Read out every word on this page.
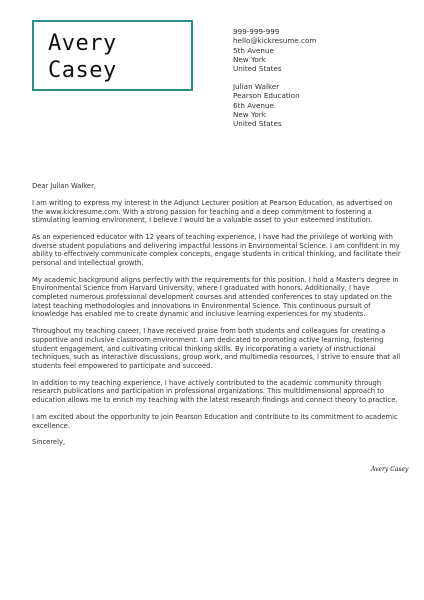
Avery
Casey
999-999-999
hello@kickresume.com
5th Avenue
New York
United States
Julian Walker
Pearson Education
6th Avenue
New York
United States

Dear Julian Walker,

I am writing to express my interest in the Adjunct Lecturer position at Pearson Education, as advertised on the www.kickresume.com. With a strong passion for teaching and a deep commitment to fostering a stimulating learning environment, I believe I would be a valuable asset to your esteemed institution.

As an experienced educator with 12 years of teaching experience, I have had the privilege of working with diverse student populations and delivering impactful lessons in Environmental Science. I am confident in my ability to effectively communicate complex concepts, engage students in critical thinking, and facilitate their personal and intellectual growth.

My academic background aligns perfectly with the requirements for this position. I hold a Master's degree in Environmental Science from Harvard University, where I graduated with honors. Additionally, I have completed numerous professional development courses and attended conferences to stay updated on the latest teaching methodologies and innovations in Environmental Science. This continuous pursuit of knowledge has enabled me to create dynamic and inclusive learning experiences for my students.

Throughout my teaching career, I have received praise from both students and colleagues for creating a supportive and inclusive classroom environment. I am dedicated to promoting active learning, fostering student engagement, and cultivating critical thinking skills. By incorporating a variety of instructional techniques, such as interactive discussions, group work, and multimedia resources, I strive to ensure that all students feel empowered to participate and succeed.

In addition to my teaching experience, I have actively contributed to the academic community through research publications and participation in professional organizations. This multidimensional approach to education allows me to enrich my teaching with the latest research findings and connect theory to practice.

I am excited about the opportunity to join Pearson Education and contribute to its commitment to academic excellence.

Sincerely,

Avery Casey
